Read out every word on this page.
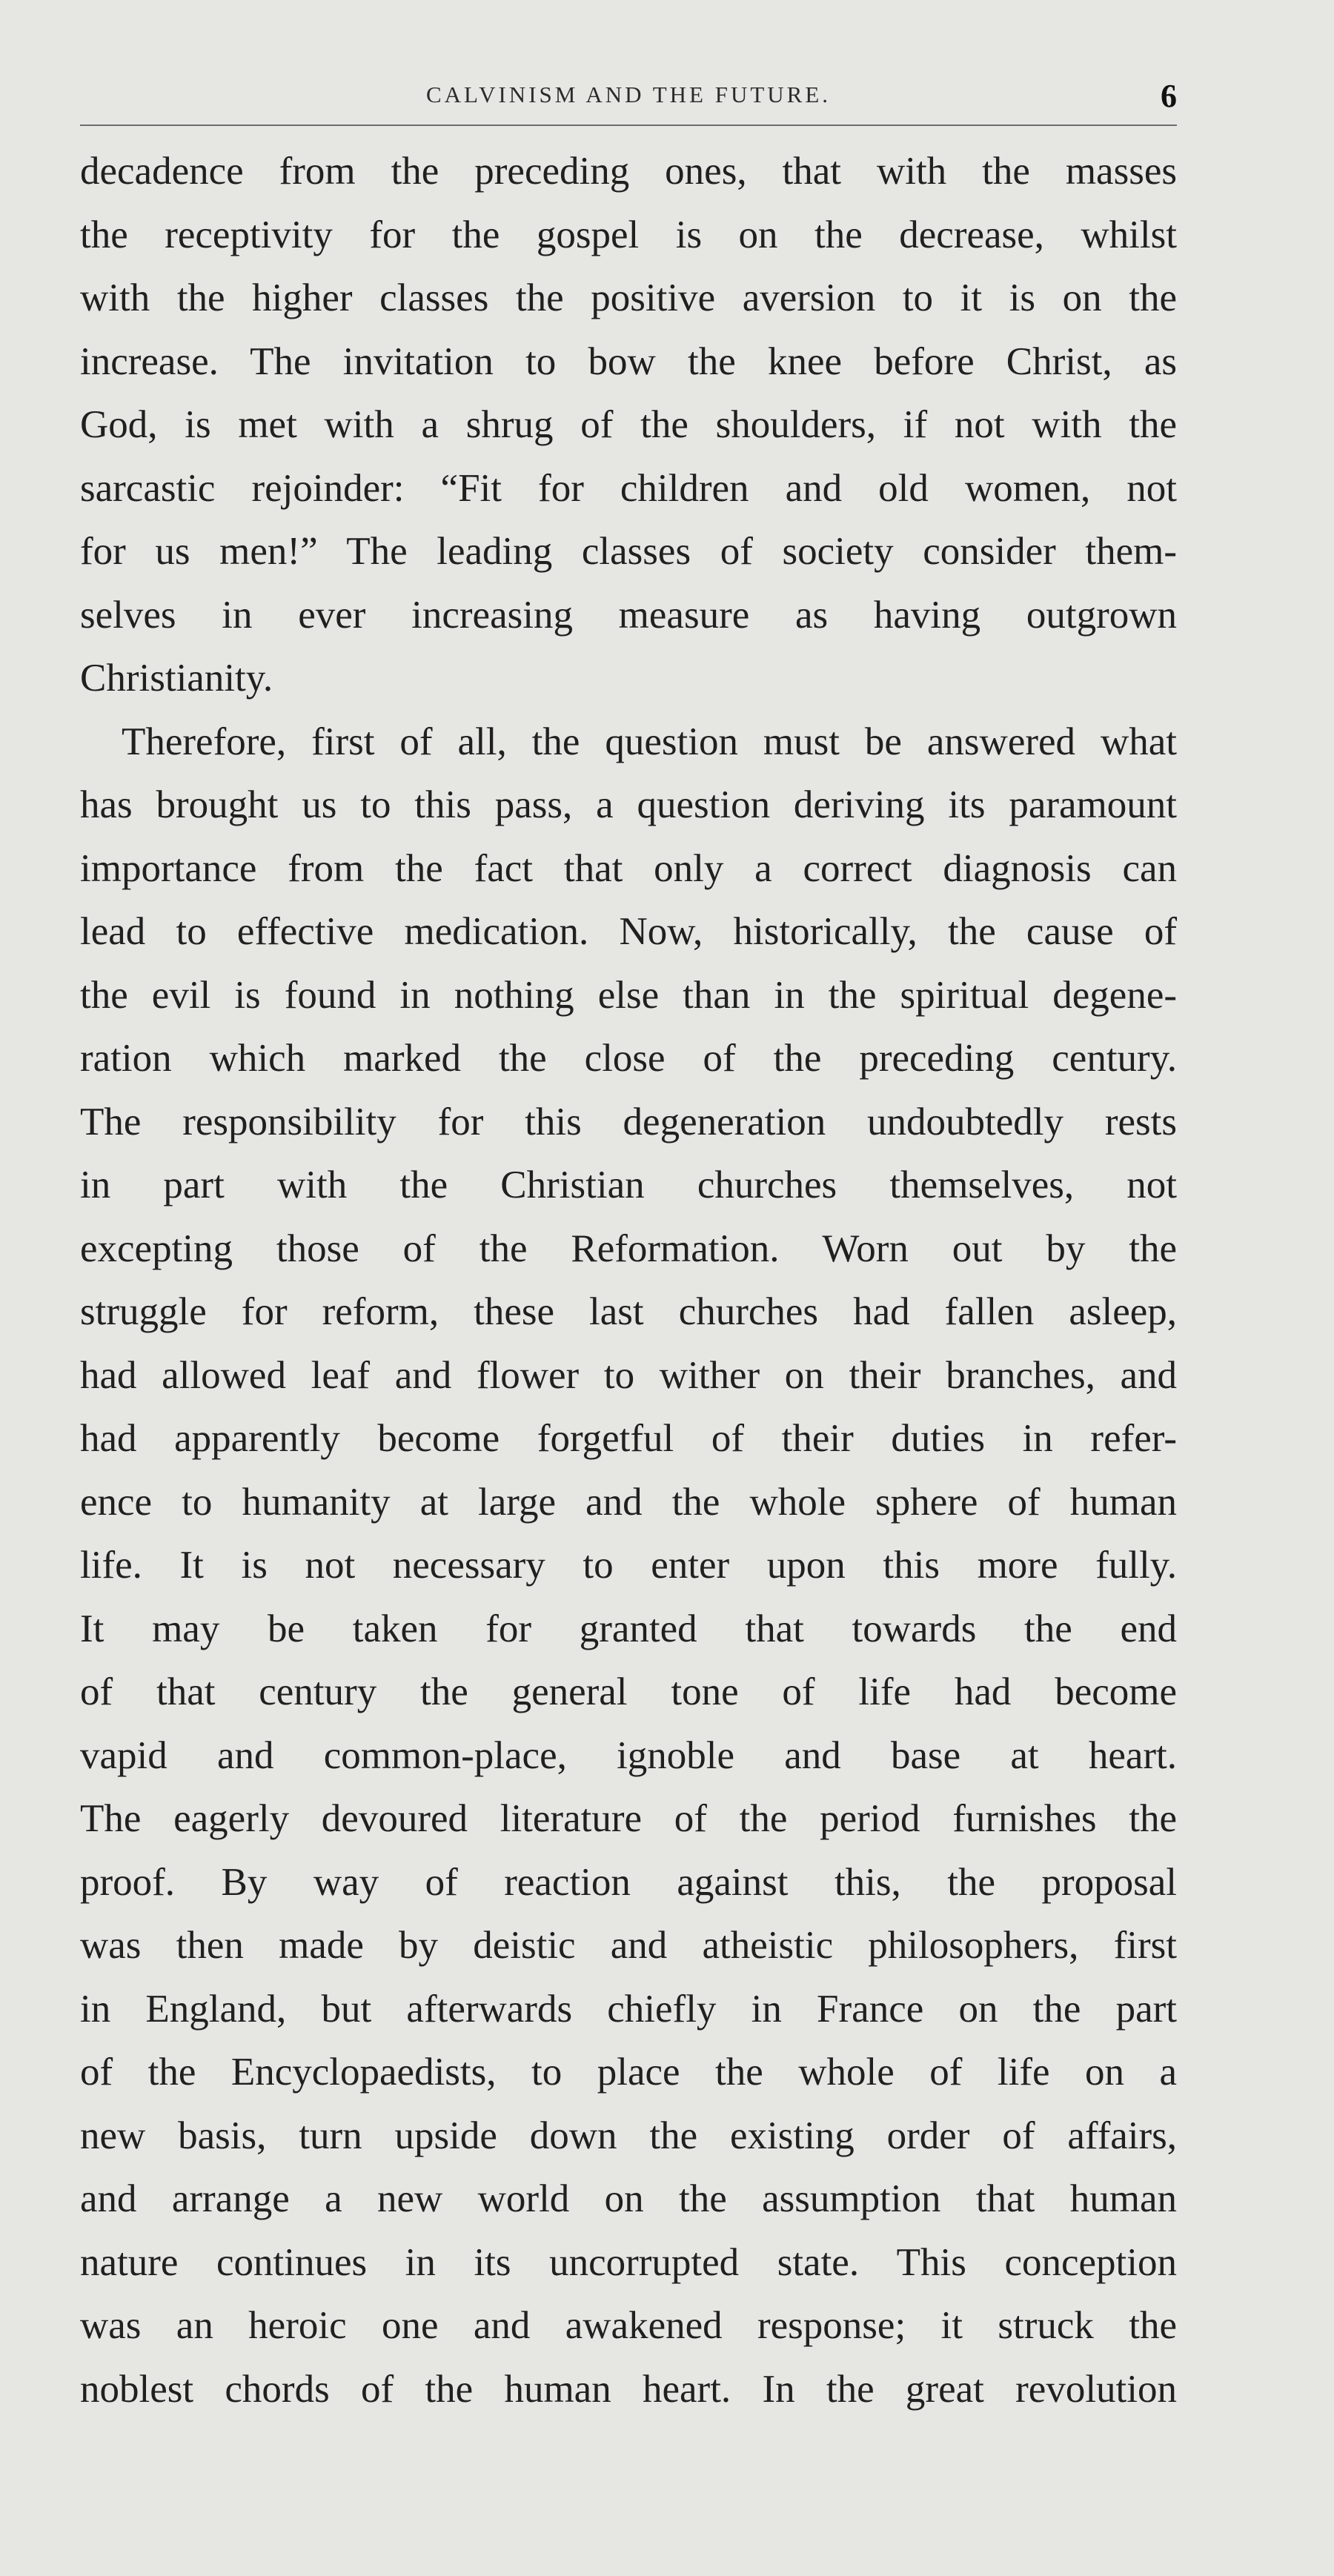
CALVINISM AND THE FUTURE.	6

decadence from the preceding ones, that with the masses
the receptivity for the gospel is on the decrease, whilst
with the higher classes the positive aversion to it is on the
increase. The invitation to bow the knee before Christ, as
God, is met with a shrug of the shoulders, if not with the
sarcastic rejoinder: “Fit for children and old women, not
for us men!” The leading classes of society consider them-
selves in ever increasing measure as having outgrown
Christianity.

Therefore, first of all, the question must be answered what
has brought us to this pass, a question deriving its paramount
importance from the fact that only a correct diagnosis can
lead to effective medication. Now, historically, the cause of
the evil is found in nothing else than in the spiritual degene-
ration which marked the close of the preceding century.
The responsibility for this degeneration undoubtedly rests
in part with the Christian churches themselves, not
excepting those of the Reformation. Worn out by the
struggle for reform, these last churches had fallen asleep,
had allowed leaf and flower to wither on their branches, and
had apparently become forgetful of their duties in refer-
ence to humanity at large and the whole sphere of human
life. It is not necessary to enter upon this more fully.
It may be taken for granted that towards the end
of that century the general tone of life had become
vapid and common-place, ignoble and base at heart.
The eagerly devoured literature of the period furnishes the
proof. By way of reaction against this, the proposal
was then made by deistic and atheistic philosophers, first
in England, but afterwards chiefly in France on the part
of the Encyclopaedists, to place the whole of life on a
new basis, turn upside down the existing order of affairs,
and arrange a new world on the assumption that human
nature continues in its uncorrupted state. This conception
was an heroic one and awakened response; it struck the
noblest chords of the human heart. In the great revolution
